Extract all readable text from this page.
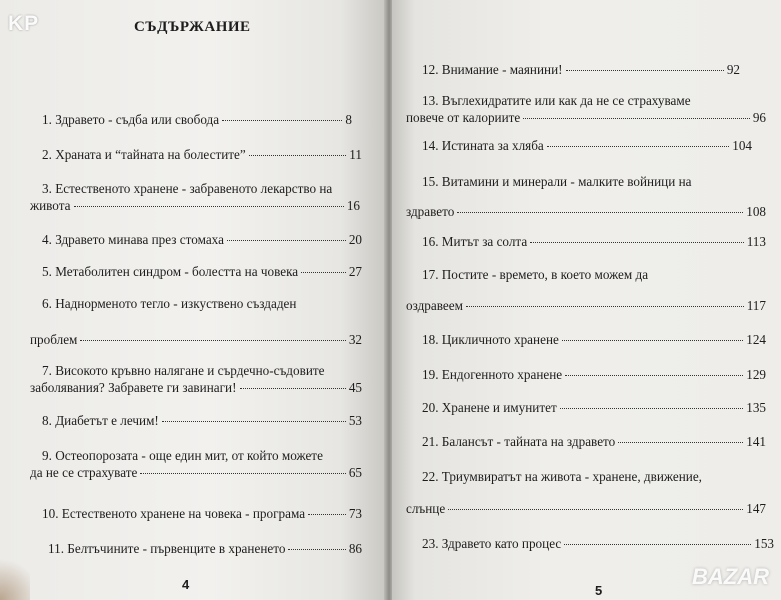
СЪДЪРЖАНИЕ
1. Здравето - съдба или свобода	8
2. Храната и “тайната на болестите”	11
3. Естественото хранене - забравеното лекарство на
живота	16
4. Здравето минава през стомаха	20
5. Метаболитен синдром - болестта на човека	27
6. Наднорменото тегло - изкуствено създаден
проблем	32
7. Високото кръвно налягане и сърдечно-съдовите
заболявания? Забравете ги завинаги!	45
8. Диабетът е лечим!	53
9. Остеопорозата - още един мит, от който можете
да не се страхувате	65
10. Естественото хранене на човека - програма	73
11. Белтъчините - първенците в храненето	86
4
12. Внимание - маянини!	92
13. Въглехидратите или как да не се страхуваме
повече от калориите	96
14. Истината за хляба	104
15. Витамини и минерали - малките войници на
здравето	108
16. Митът за солта	113
17. Постите - времето, в което можем да
оздравеем	117
18. Цикличното хранене	124
19. Ендогенното хранене	129
20. Хранене и имунитет	135
21. Балансът - тайната на здравето	141
22. Триумвиратът на живота - хранене, движение,
слънце	147
23. Здравето като процес	153
5
BAZAR
KP
